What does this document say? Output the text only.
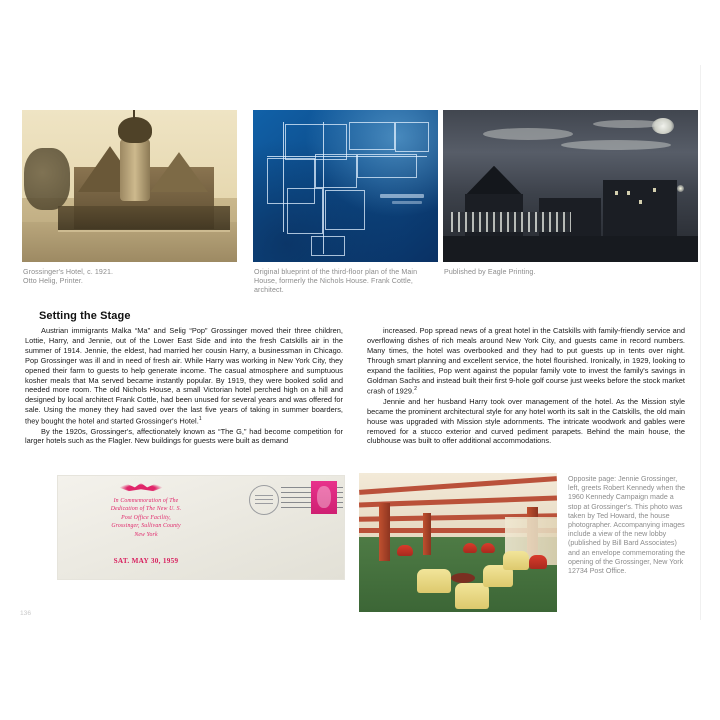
Grossinger's Hotel, c. 1921.
Otto Helig, Printer.
Original blueprint of the third-floor plan of the Main House, formerly the Nichols House. Frank Cottle, architect.
Published by Eagle Printing.
Setting the Stage

Austrian immigrants Malka “Ma” and Selig “Pop” Grossinger moved their three children, Lottie, Harry, and Jennie, out of the Lower East Side and into the fresh Catskills air in the summer of 1914. Jennie, the eldest, had married her cousin Harry, a businessman in Chicago. Pop Grossinger was ill and in need of fresh air. While Harry was working in New York City, they opened their farm to guests to help generate income. The casual atmosphere and sumptuous kosher meals that Ma served became instantly popular. By 1919, they were booked solid and needed more room. The old Nichols House, a small Victorian hotel perched high on a hill and designed by local architect Frank Cottle, had been unused for several years and was offered for sale. Using the money they had saved over the last five years of taking in summer boarders, they bought the hotel and started Grossinger's Hotel.$^1$

By the 1920s, Grossinger's, affectionately known as “The G,” had become competition for larger hotels such as the Flagler. New buildings for guests were built as demand

increased. Pop spread news of a great hotel in the Catskills with family-friendly service and overflowing dishes of rich meals around New York City, and guests came in record numbers. Many times, the hotel was overbooked and they had to put guests up in tents over night. Through smart planning and excellent service, the hotel flourished. Ironically, in 1929, looking to expand the facilities, Pop went against the popular family vote to invest the family's savings in Goldman Sachs and instead built their first 9-hole golf course just weeks before the stock market crash of 1929.$^2$

Jennie and her husband Harry took over management of the hotel. As the Mission style became the prominent architectural style for any hotel worth its salt in the Catskills, the old main house was upgraded with Mission style adornments. The intricate woodwork and gables were removed for a stucco exterior and curved pediment parapets. Behind the main house, the clubhouse was built to offer additional accommodations.

In Commemoration of The
Dedication of The New U. S.
Post Office Facility,
Grossinger, Sullivan County
New York
SAT. MAY 30, 1959
Opposite page: Jennie Grossinger, left, greets Robert Kennedy when the 1960 Kennedy Campaign made a stop at Grossinger's. This photo was taken by Ted Howard, the house photographer. Accompanying images include a view of the new lobby (published by Bill Bard Associates) and an envelope commemorating the opening of the Grossinger, New York 12734 Post Office.
136
